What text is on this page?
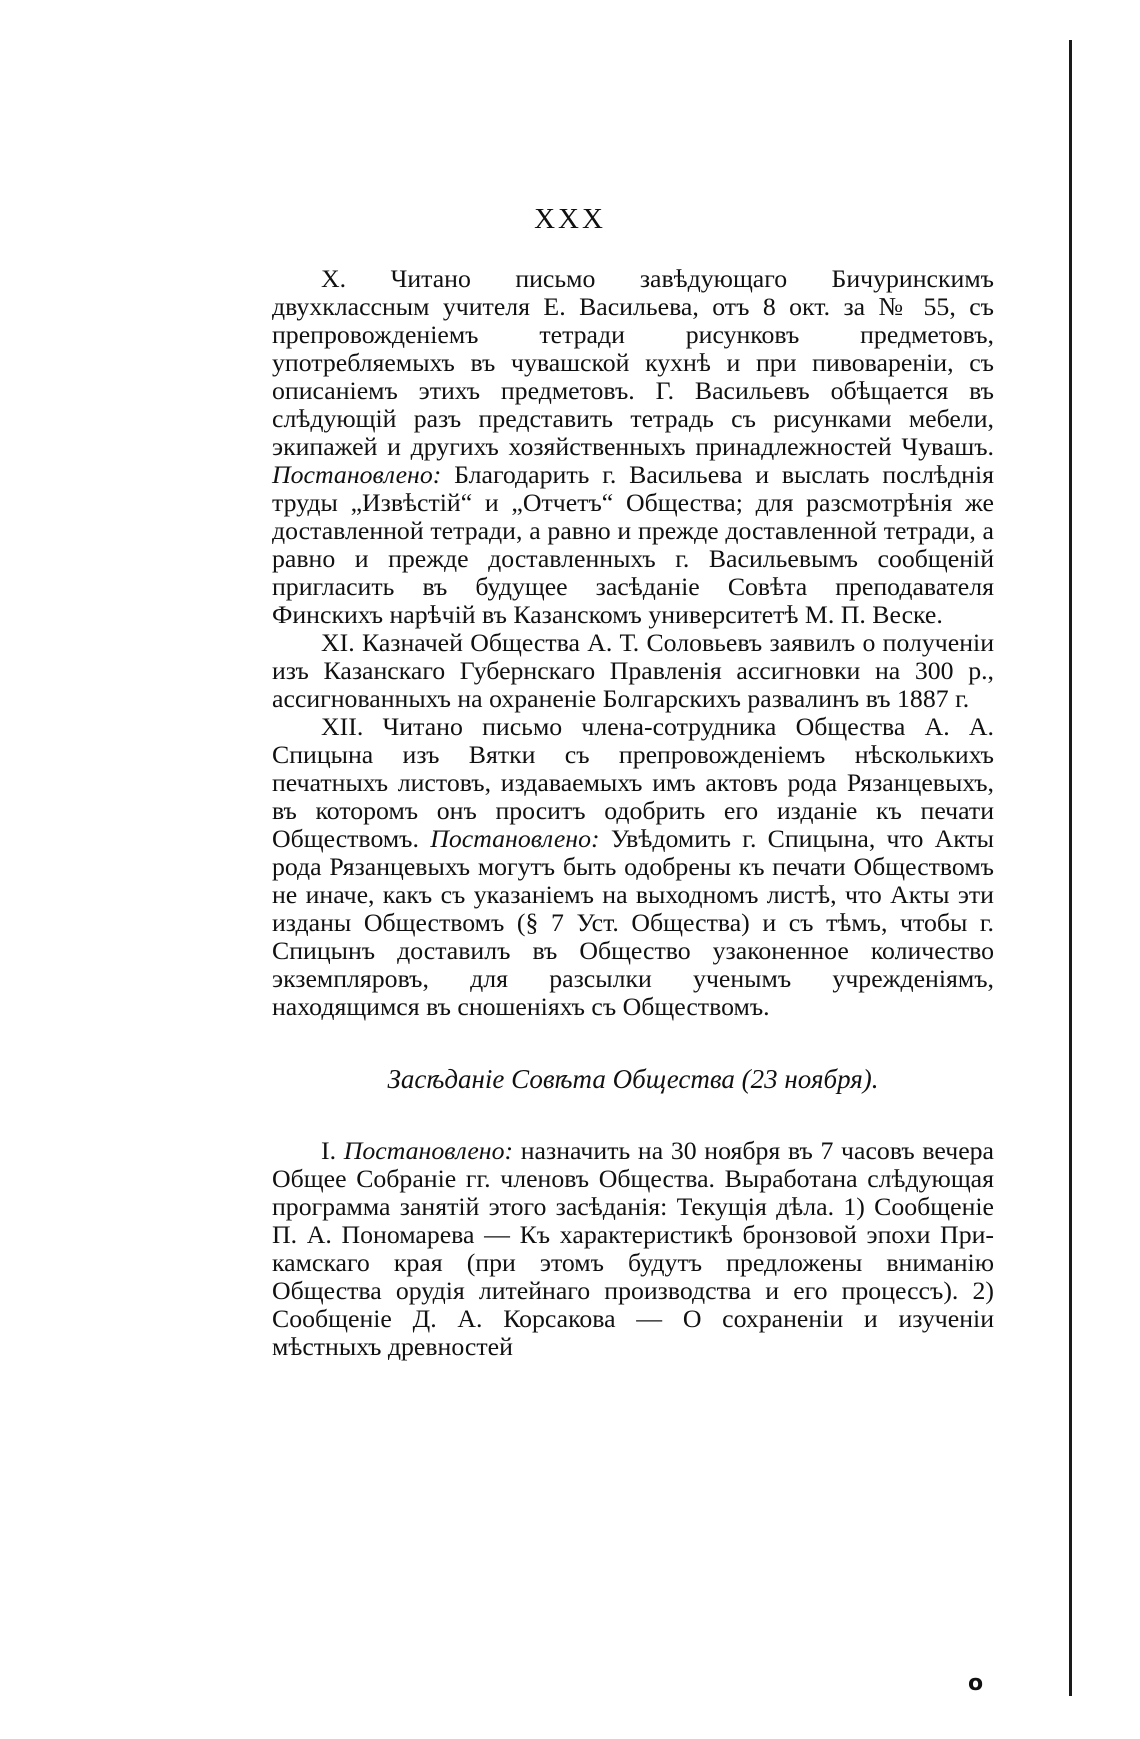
XXX

X. Читано письмо завѣдующаго Бичуринскимъ двухклассным учителя Е. Васильева, отъ 8 окт. за № 55, съ препровожденiемъ тетради рисунковъ предметовъ, употребляемыхъ въ чувашской кухнѣ и при пивоваренiи, съ описанiемъ этихъ предметовъ. Г. Васильевъ обѣщается въ слѣдующiй разъ представить тетрадь съ рисунками мебели, экипажей и другихъ хозяйственныхъ принадлежностей Чувашъ. Постановлено: Благодарить г. Васильева и выслать послѣднiя труды „Извѣстiй“ и „Отчетъ“ Общества; для разсмотрѣнiя же доставленной тетради, а равно и прежде доставленной тетради, а равно и прежде доставленныхъ г. Васильевымъ сообщенiй пригласить въ будущее засѣданiе Совѣта преподавателя Финскихъ нарѣчiй въ Казанскомъ университетѣ М. П. Веске.

XI. Казначей Общества А. Т. Соловьевъ заявилъ о полученiи изъ Казанскаго Губернскаго Правленiя ассигновки на 300 р., ассигнованныхъ на охраненiе Болгарскихъ развалинъ въ 1887 г.

XII. Читано письмо члена-сотрудника Общества А. А. Спицына изъ Вятки съ препровожденiемъ нѣсколькихъ печатныхъ листовъ, издаваемыхъ имъ актовъ рода Рязанцевыхъ, въ которомъ онъ проситъ одобрить его изданiе къ печати Обществомъ. Постановлено: Увѣдомить г. Спицына, что Акты рода Рязанцевыхъ могутъ быть одобрены къ печати Обществомъ не иначе, какъ съ указанiемъ на выходномъ листѣ, что Акты эти изданы Обществомъ (§ 7 Уст. Общества) и съ тѣмъ, чтобы г. Спицынъ доставилъ въ Общество узаконенное количество экземпляровъ, для разсылки ученымъ учрежденiямъ, находящимся въ сношенiяхъ съ Обществомъ.

Засѣданiе Совѣта Общества (23 ноября).

I. Постановлено: назначить на 30 ноября въ 7 часовъ вечера Общее Собранiе гг. членовъ Общества. Выработана слѣдующая программа занятiй этого засѣданiя: Текущiя дѣла. 1) Сообщенiе П. А. Пономарева — Къ характеристикѣ бронзовой эпохи При-камскаго края (при этомъ будутъ предложены вниманiю Общества орудiя литейнаго производства и его процессъ). 2) Сообщенiе Д. А. Корсакова — О сохраненiи и изученiи мѣстныхъ древностей

o
